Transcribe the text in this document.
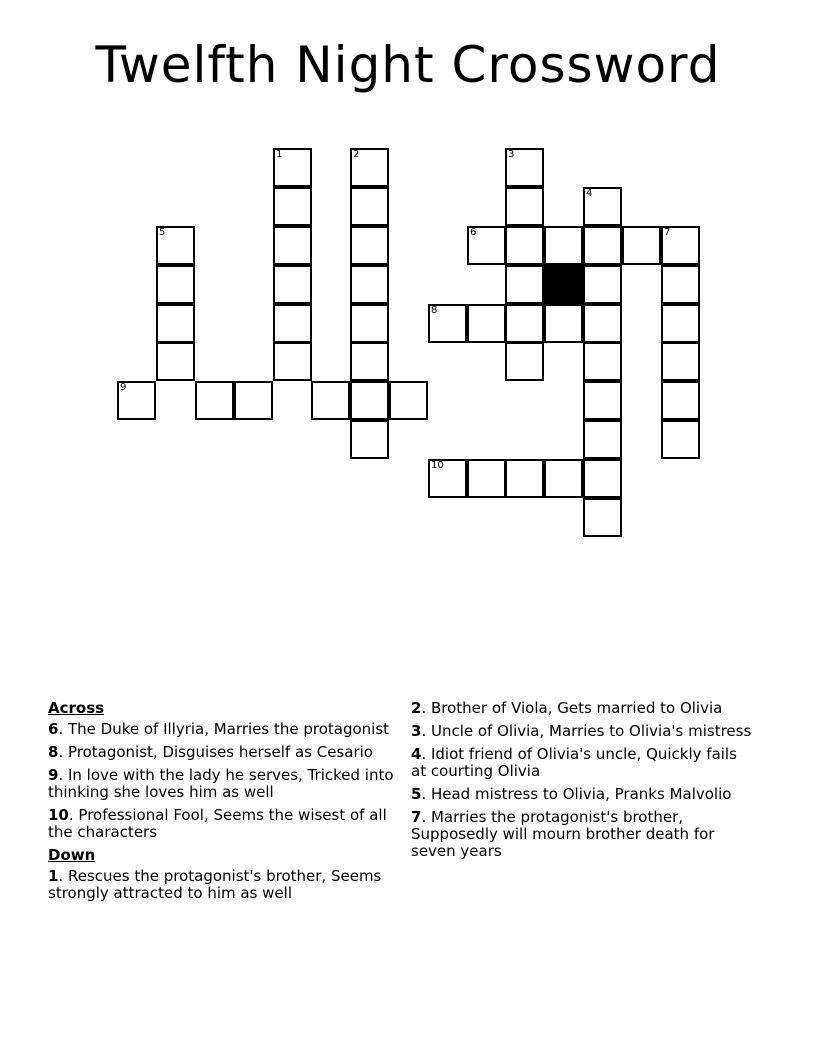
Twelfth Night Crossword
1	2	3
4
5	6	7
8
9
10
Across
6. The Duke of Illyria, Marries the protagonist
8. Protagonist, Disguises herself as Cesario
9. In love with the lady he serves, Tricked into thinking she loves him as well
10. Professional Fool, Seems the wisest of all the characters
Down
1. Rescues the protagonist's brother, Seems strongly attracted to him as well
2. Brother of Viola, Gets married to Olivia
3. Uncle of Olivia, Marries to Olivia's mistress
4. Idiot friend of Olivia's uncle, Quickly fails at courting Olivia
5. Head mistress to Olivia, Pranks Malvolio
7. Marries the protagonist's brother, Supposedly will mourn brother death for seven years
